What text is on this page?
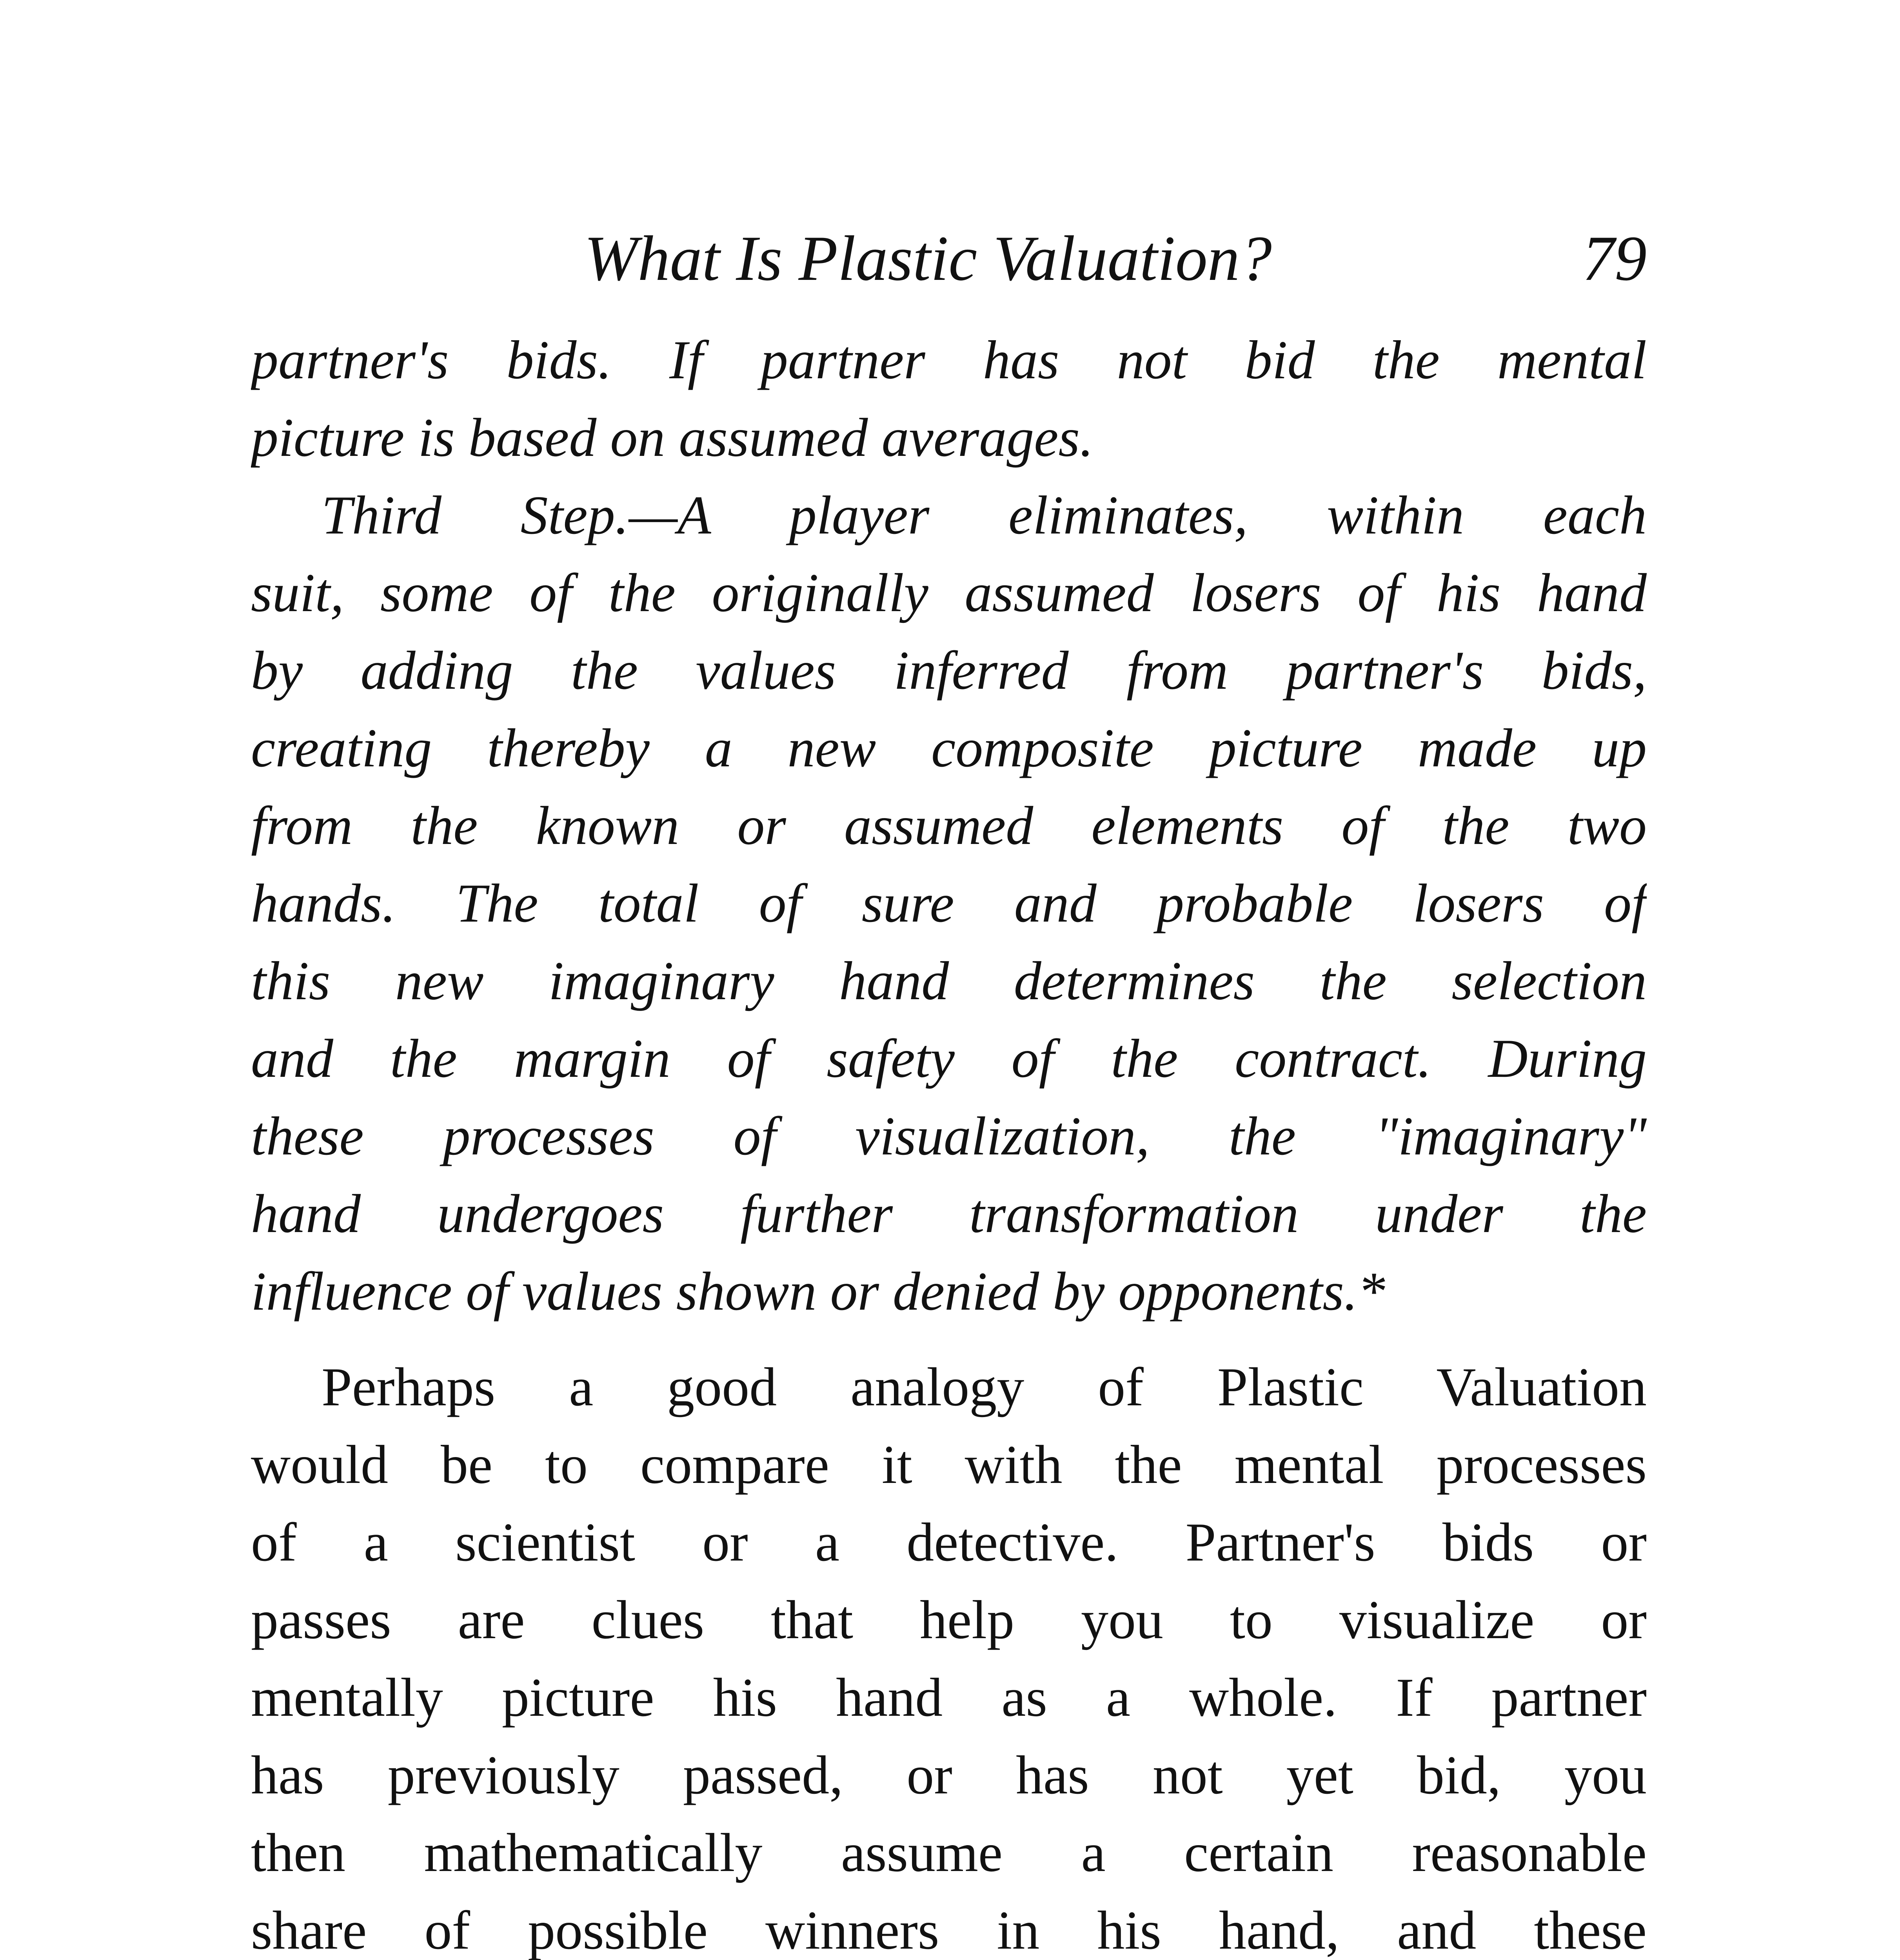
What Is Plastic Valuation?	79
partner's bids. If partner has not bid the mental
picture is based on assumed averages.
Third Step.—A player eliminates, within each
suit, some of the originally assumed losers of his hand
by adding the values inferred from partner's bids,
creating thereby a new composite picture made up
from the known or assumed elements of the two
hands. The total of sure and probable losers of
this new imaginary hand determines the selection
and the margin of safety of the contract. During
these processes of visualization, the "imaginary"
hand undergoes further transformation under the
influence of values shown or denied by opponents.*
Perhaps a good analogy of Plastic Valuation
would be to compare it with the mental processes
of a scientist or a detective. Partner's bids or
passes are clues that help you to visualize or
mentally picture his hand as a whole. If partner
has previously passed, or has not yet bid, you
then mathematically assume a certain reasonable
share of possible winners in his hand, and these
